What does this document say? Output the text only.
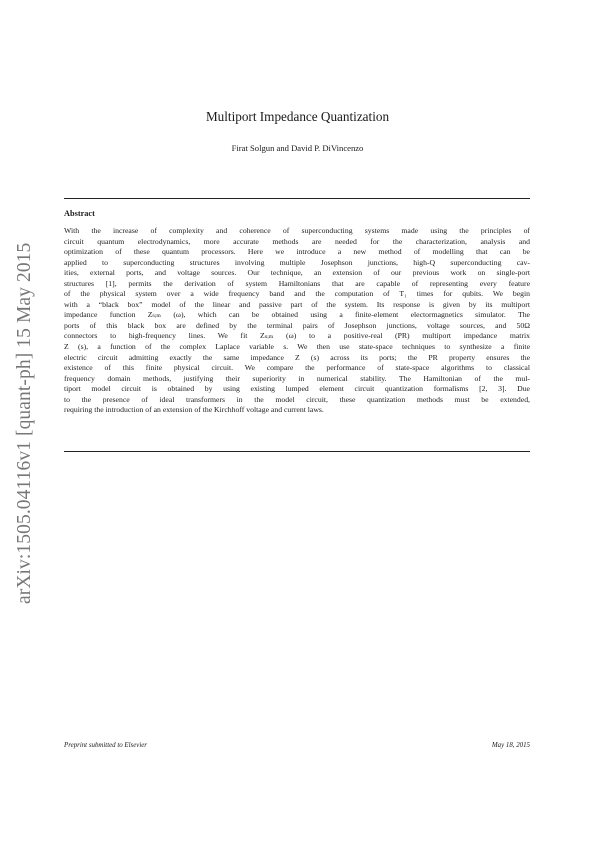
arXiv:1505.04116v1 [quant-ph] 15 May 2015
Multiport Impedance Quantization
Firat Solgun and David P. DiVincenzo
Abstract
With the increase of complexity and coherence of superconducting systems made using the principles of
circuit quantum electrodynamics, more accurate methods are needed for the characterization, analysis and
optimization of these quantum processors. Here we introduce a new method of modelling that can be
applied to superconducting structures involving multiple Josephson junctions, high-Q superconducting cav-
ities, external ports, and voltage sources. Our technique, an extension of our previous work on single-port
structures [1], permits the derivation of system Hamiltonians that are capable of representing every feature
of the physical system over a wide frequency band and the computation of T₁ times for qubits. We begin
with a “black box” model of the linear and passive part of the system. Its response is given by its multiport
impedance function Zₛᵢₘ (ω), which can be obtained using a finite-element electormagnetics simulator. The
ports of this black box are defined by the terminal pairs of Josephson junctions, voltage sources, and 50Ω
connectors to high-frequency lines. We fit Zₛᵢₘ (ω) to a positive-real (PR) multiport impedance matrix
Z (s), a function of the complex Laplace variable s. We then use state-space techniques to synthesize a finite
electric circuit admitting exactly the same impedance Z (s) across its ports; the PR property ensures the
existence of this finite physical circuit. We compare the performance of state-space algorithms to classical
frequency domain methods, justifying their superiority in numerical stability. The Hamiltonian of the mul-
tiport model circuit is obtained by using existing lumped element circuit quantization formalisms [2, 3]. Due
to the presence of ideal transformers in the model circuit, these quantization methods must be extended,
requiring the introduction of an extension of the Kirchhoff voltage and current laws.
Preprint submitted to Elsevier	May 18, 2015
